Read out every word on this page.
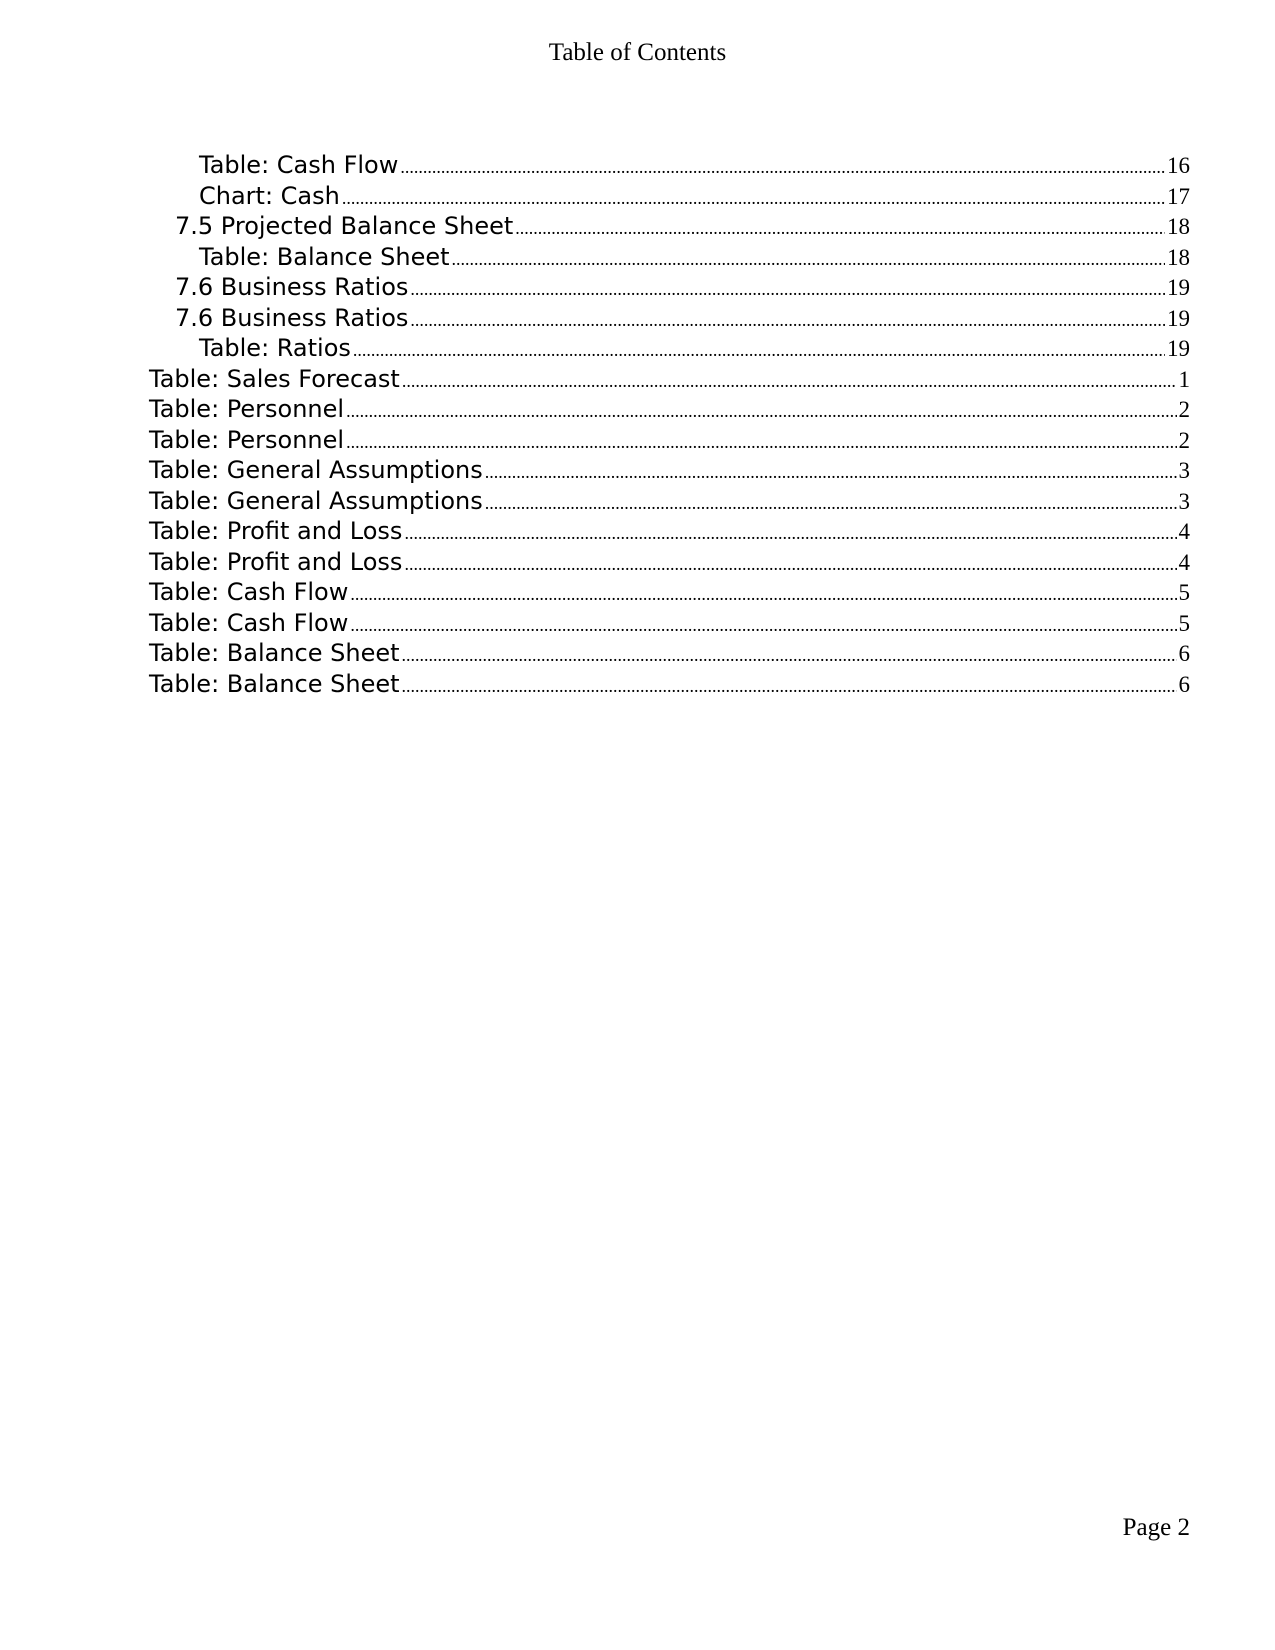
Table of Contents
Table: Cash Flow .....	16
Chart: Cash .....	17
7.5 Projected Balance Sheet .....	18
Table: Balance Sheet .....	18
7.6 Business Ratios .....	19
7.6 Business Ratios .....	19
Table: Ratios .....	19
Table: Sales Forecast .....	1
Table: Personnel .....	2
Table: Personnel .....	2
Table: General Assumptions .....	3
Table: General Assumptions .....	3
Table: Profit and Loss .....	4
Table: Profit and Loss .....	4
Table: Cash Flow .....	5
Table: Cash Flow .....	5
Table: Balance Sheet .....	6
Table: Balance Sheet .....	6
Page 2
